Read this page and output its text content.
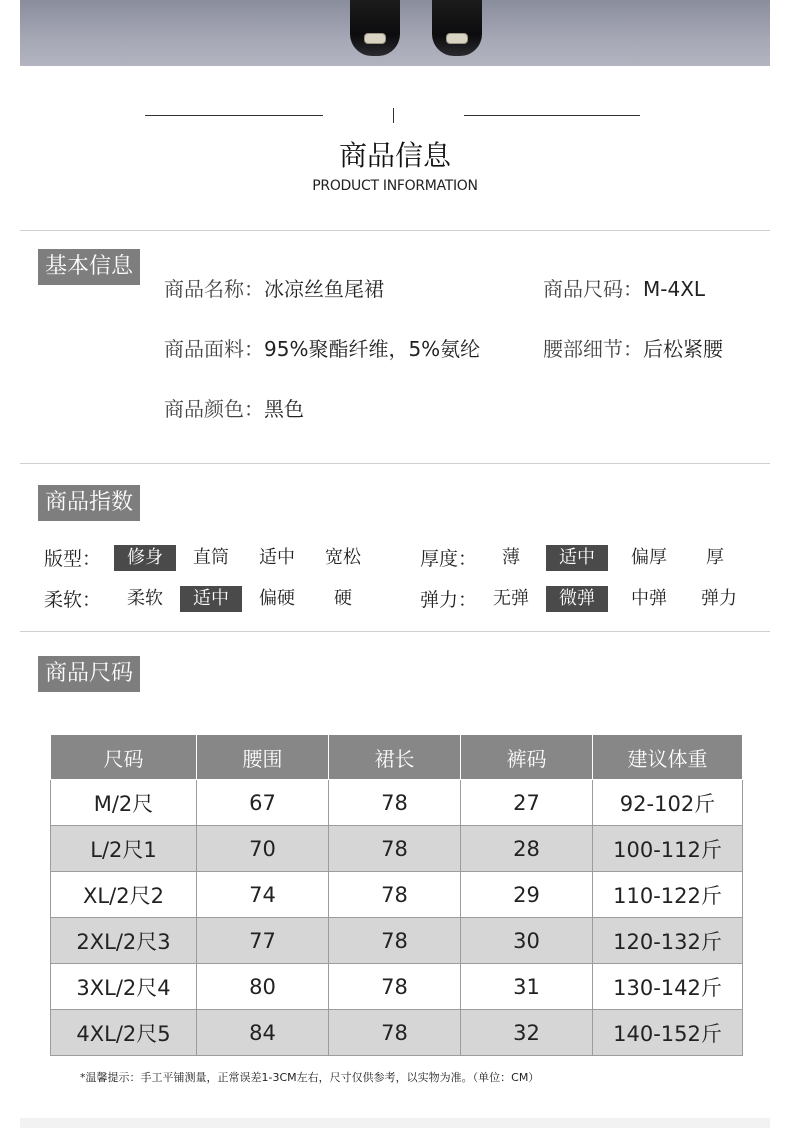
商品信息
PRODUCT INFORMATION
基本信息
商品名称：冰凉丝鱼尾裙	商品尺码：M-4XL
商品面料：95%聚酯纤维，5%氨纶	腰部细节：后松紧腰
商品颜色：黑色
商品指数
版型：	修身	直筒	适中	宽松	厚度：	薄	适中	偏厚	厚
柔软：	柔软	适中	偏硬	硬	弹力： 无弹	微弹	中弹	弹力
商品尺码
尺码	腰围	裙长	裤码	建议体重
M/2尺	67	78	27	92-102斤
L/2尺1	70	78	28	100-112斤
XL/2尺2	74	78	29	110-122斤
2XL/2尺3	77	78	30	120-132斤
3XL/2尺4	80	78	31	130-142斤
4XL/2尺5	84	78	32	140-152斤
*温馨提示：手工平铺测量，正常误差1-3CM左右，尺寸仅供参考，以实物为准。（单位：CM）
